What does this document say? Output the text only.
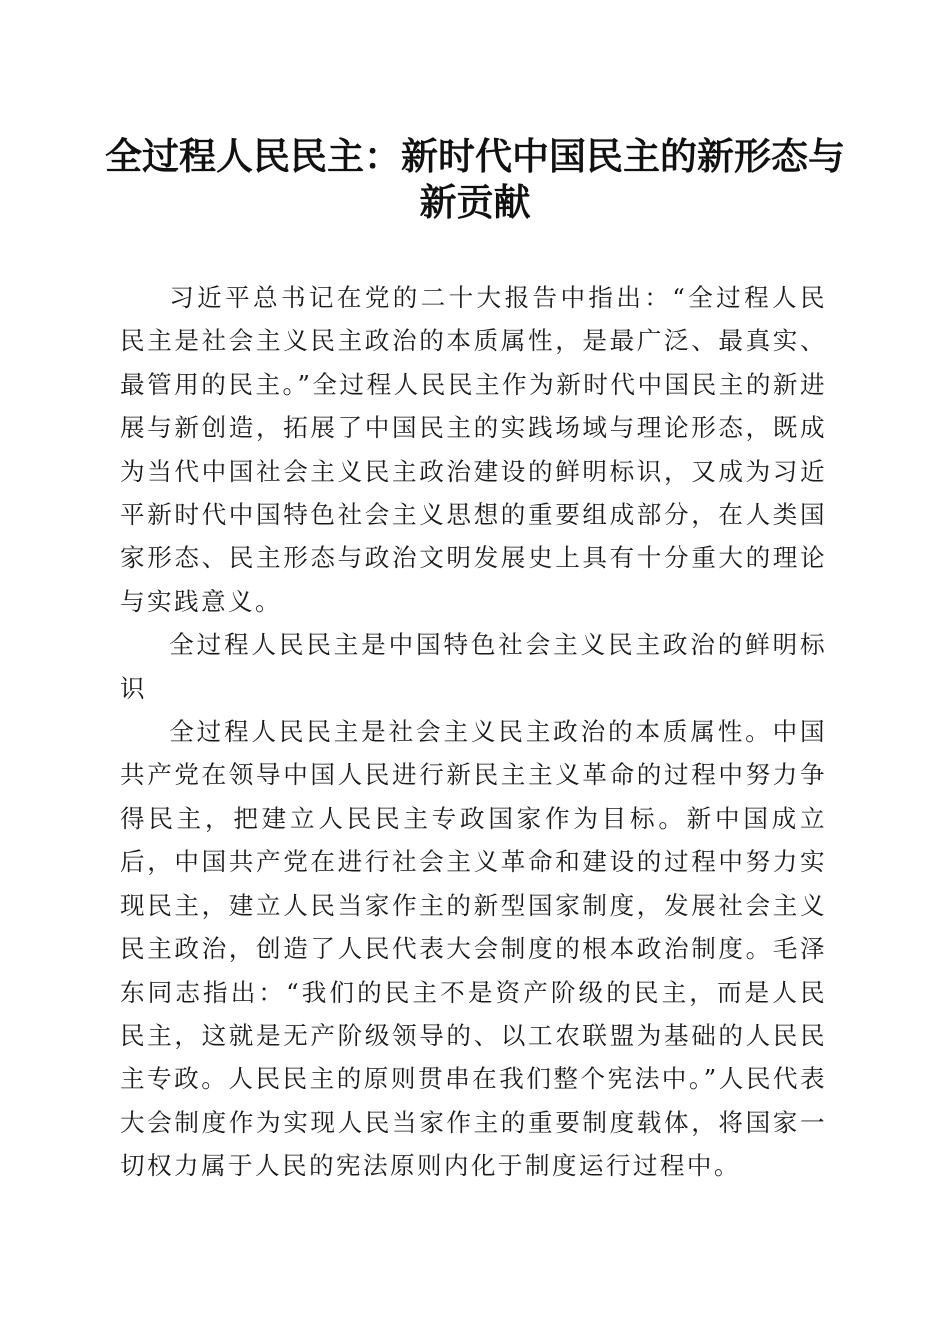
全过程人民民主：新时代中国民主的新形态与新贡献

习近平总书记在党的二十大报告中指出：“全过程人民民主是社会主义民主政治的本质属性，是最广泛、最真实、最管用的民主。”全过程人民民主作为新时代中国民主的新进展与新创造，拓展了中国民主的实践场域与理论形态，既成为当代中国社会主义民主政治建设的鲜明标识，又成为习近平新时代中国特色社会主义思想的重要组成部分，在人类国家形态、民主形态与政治文明发展史上具有十分重大的理论与实践意义。

全过程人民民主是中国特色社会主义民主政治的鲜明标识

全过程人民民主是社会主义民主政治的本质属性。中国共产党在领导中国人民进行新民主主义革命的过程中努力争得民主，把建立人民民主专政国家作为目标。新中国成立后，中国共产党在进行社会主义革命和建设的过程中努力实现民主，建立人民当家作主的新型国家制度，发展社会主义民主政治，创造了人民代表大会制度的根本政治制度。毛泽东同志指出：“我们的民主不是资产阶级的民主，而是人民民主，这就是无产阶级领导的、以工农联盟为基础的人民民主专政。人民民主的原则贯串在我们整个宪法中。”人民代表大会制度作为实现人民当家作主的重要制度载体，将国家一切权力属于人民的宪法原则内化于制度运行过程中。
